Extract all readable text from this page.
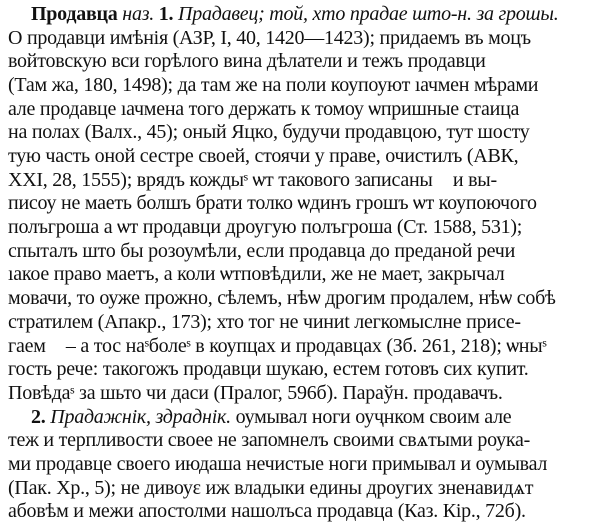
Продавца наз. 1. Прадавец; той, хто прадае што-н. за грошы.
О продавци имѣнія (АЗР, I, 40, 1420—1423); придаемъ въ моцъ
войтовскую вси горѣлого вина дѣлатели и тежъ продавци
(Там жа, 180, 1498); да там же на поли коупоуют ıачмен мѣрами
але продавце ıачмена того держать к томоу ѡпришные стаица
на полах (Валх., 45); оный Яцко, будучи продавцою, тут шосту
тую часть оной сестре своей, стоячи у праве, очистилъ (АВК,
XXI, 28, 1555); врядъ кождыˢ ѡт такового записаныⷯ и вы-
писоу не маеть болшъ брати толко ѡдинъ грошъ ѡт коупоючого
полъгроша а ѡт продавци дроугую полъгроша (Ст. 1588, 531);
спыталъ што бы розоумѣли, если продавца до преданой речи
ıакое право маетъ, а коли ѡтповѣдили, же не мает, закрычал
мовачи, то оуже прожно, сѣлемъ, нѣѡ дрогим продалем, нѣѡ собѣ
стратилем (Апакр., 173); хто тог не чиниt легкомыслне присе-
гаемⷮ – а тос наˢболеˢ в коупцах и продавцах (Зб. 261, 218); ѡныˢ
гость рече: такогожъ продавци шукаю, естем готовъ сих купит.
Повѣдаˢ за шьто чи даси (Пралог, 596б). Параўн. продавачъ.
2. Прадажнік, здраднік. оумывал ноги оуҷнком своим але
теж и терпливости своее не запомнелъ своими свѧтыми роука-
ми продавце своего июдаша нечистые ноги примывал и оумывал
(Пак. Хр., 5); не дивоуɛ иж владыки едины дроугих зненавидѧт
абовѣм и межи апостолми нашолъса продавца (Каз. Кір., 72б).
